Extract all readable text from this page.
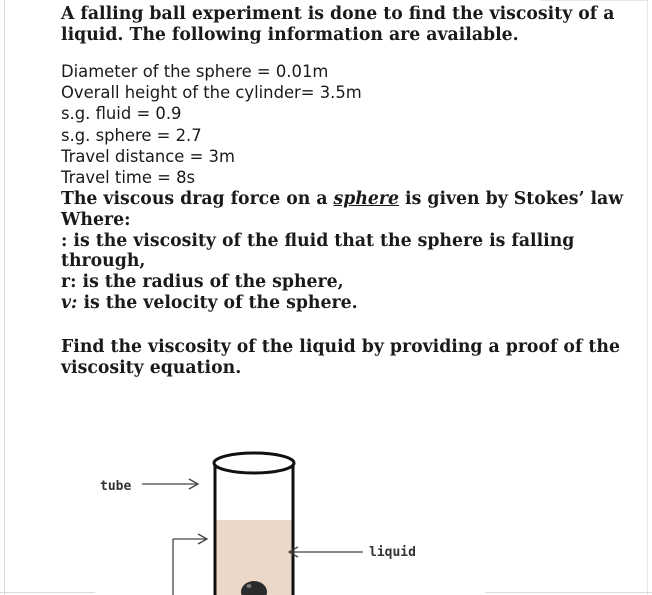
A falling ball experiment is done to find the viscosity of a

liquid. The following information are available.

Diameter of the sphere = 0.01m

Overall height of the cylinder= 3.5m

s.g. fluid = 0.9

s.g. sphere = 2.7

Travel distance = 3m

Travel time = 8s

The viscous drag force on a sphere is given by Stokes’ law

Where:

: is the viscosity of the fluid that the sphere is falling

through,

r: is the radius of the sphere,

v: is the velocity of the sphere.

Find the viscosity of the liquid by providing a proof of the

viscosity equation.

tube
liquid
